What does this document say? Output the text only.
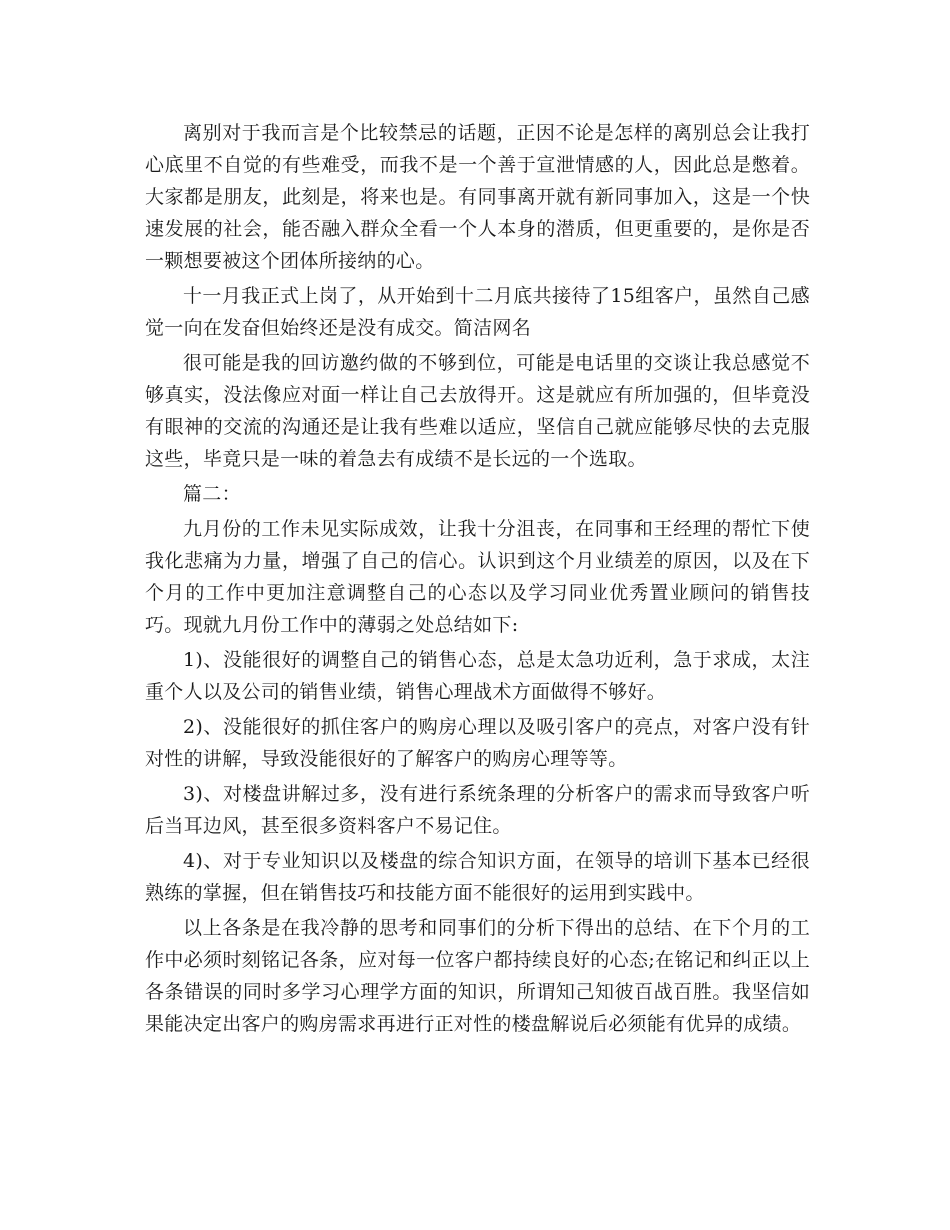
离别对于我而言是个比较禁忌的话题，正因不论是怎样的离别总会让我打心底里不自觉的有些难受，而我不是一个善于宣泄情感的人，因此总是憋着。大家都是朋友，此刻是，将来也是。有同事离开就有新同事加入，这是一个快速发展的社会，能否融入群众全看一个人本身的潜质，但更重要的，是你是否一颗想要被这个团体所接纳的心。

十一月我正式上岗了，从开始到十二月底共接待了15组客户，虽然自己感觉一向在发奋但始终还是没有成交。简洁网名

很可能是我的回访邀约做的不够到位，可能是电话里的交谈让我总感觉不够真实，没法像应对面一样让自己去放得开。这是就应有所加强的，但毕竟没有眼神的交流的沟通还是让我有些难以适应，坚信自己就应能够尽快的去克服这些，毕竟只是一味的着急去有成绩不是长远的一个选取。

篇二：

九月份的工作未见实际成效，让我十分沮丧，在同事和王经理的帮忙下使我化悲痛为力量，增强了自己的信心。认识到这个月业绩差的原因，以及在下个月的工作中更加注意调整自己的心态以及学习同业优秀置业顾问的销售技巧。现就九月份工作中的薄弱之处总结如下:

1)、没能很好的调整自己的销售心态，总是太急功近利，急于求成，太注重个人以及公司的销售业绩，销售心理战术方面做得不够好。

2)、没能很好的抓住客户的购房心理以及吸引客户的亮点，对客户没有针对性的讲解，导致没能很好的了解客户的购房心理等等。

3)、对楼盘讲解过多，没有进行系统条理的分析客户的需求而导致客户听后当耳边风，甚至很多资料客户不易记住。

4)、对于专业知识以及楼盘的综合知识方面，在领导的培训下基本已经很熟练的掌握，但在销售技巧和技能方面不能很好的运用到实践中。

以上各条是在我冷静的思考和同事们的分析下得出的总结、在下个月的工作中必须时刻铭记各条，应对每一位客户都持续良好的心态;在铭记和纠正以上各条错误的同时多学习心理学方面的知识，所谓知己知彼百战百胜。我坚信如果能决定出客户的购房需求再进行正对性的楼盘解说后必须能有优异的成绩。
